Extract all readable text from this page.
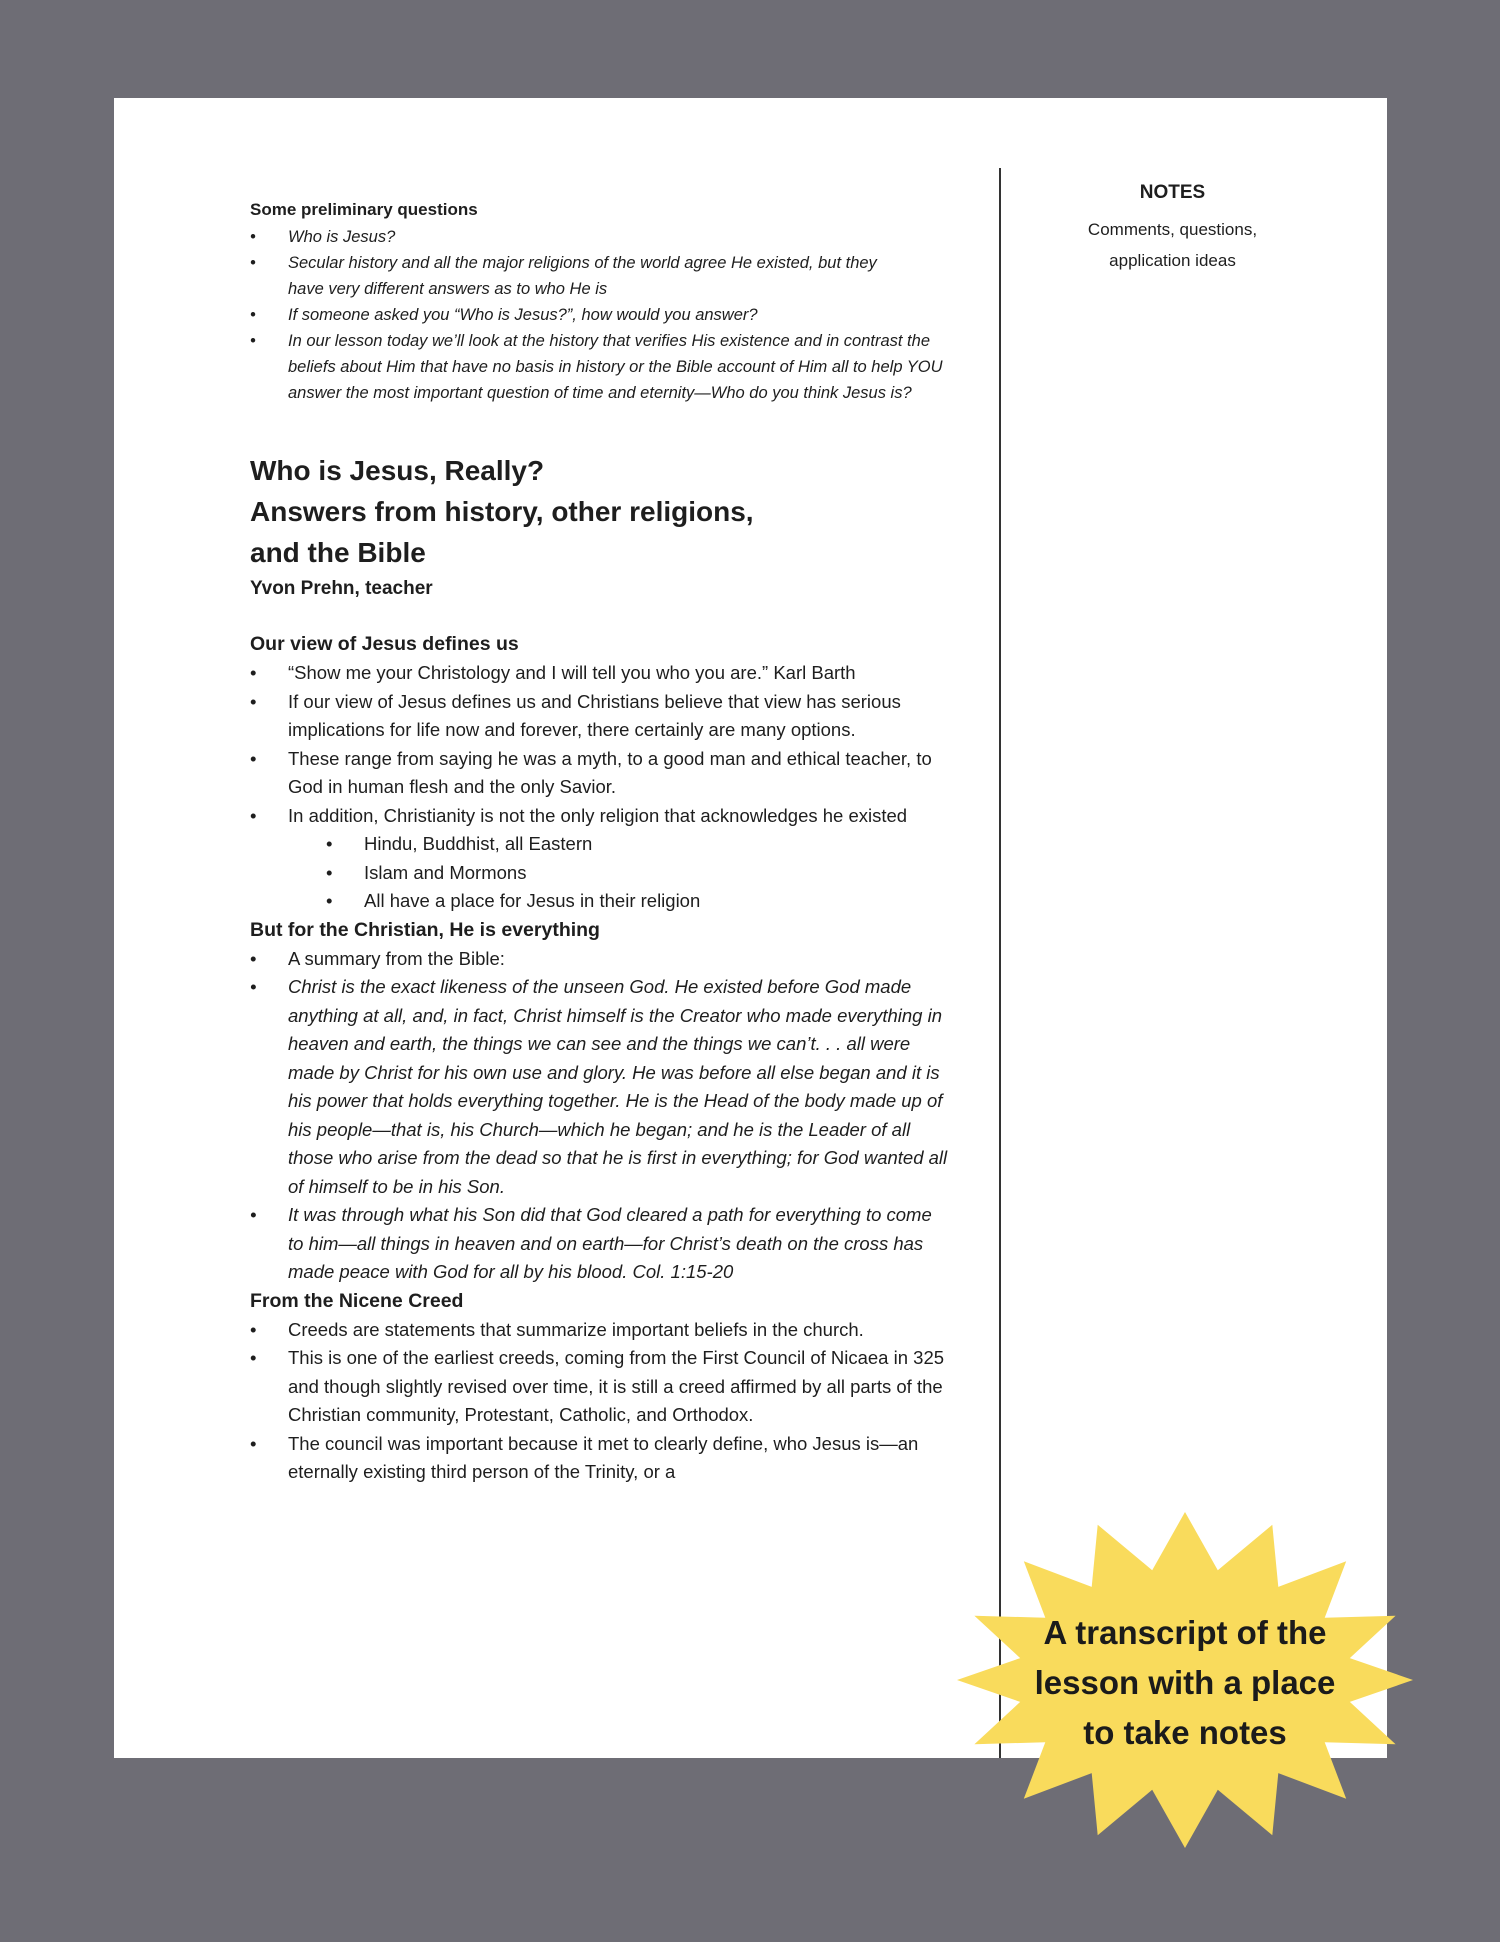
NOTES
Comments, questions,
application ideas
Some preliminary questions
• Who is Jesus?
• Secular history and all the major religions of the world agree He existed, but they have very different answers as to who He is
• If someone asked you “Who is Jesus?”, how would you answer?
• In our lesson today we’ll look at the history that verifies His existence and in contrast the beliefs about Him that have no basis in history or the Bible account of Him all to help YOU answer the most important question of time and eternity—Who do you think Jesus is?
Who is Jesus, Really?
Answers from history, other religions,
and the Bible
Yvon Prehn, teacher
Our view of Jesus defines us
• “Show me your Christology and I will tell you who you are.” Karl Barth
• If our view of Jesus defines us and Christians believe that view has serious implications for life now and forever, there certainly are many options.
• These range from saying he was a myth, to a good man and ethical teacher, to God in human flesh and the only Savior.
• In addition, Christianity is not the only religion that acknowledges he existed
• Hindu, Buddhist, all Eastern
• Islam and Mormons
• All have a place for Jesus in their religion
But for the Christian, He is everything
• A summary from the Bible:
• Christ is the exact likeness of the unseen God. He existed before God made anything at all, and, in fact, Christ himself is the Creator who made everything in heaven and earth, the things we can see and the things we can’t. . . all were made by Christ for his own use and glory. He was before all else began and it is his power that holds everything together. He is the Head of the body made up of his people—that is, his Church—which he began; and he is the Leader of all those who arise from the dead so that he is first in everything; for God wanted all of himself to be in his Son.
• It was through what his Son did that God cleared a path for everything to come to him—all things in heaven and on earth—for Christ’s death on the cross has made peace with God for all by his blood. Col. 1:15-20
From the Nicene Creed
• Creeds are statements that summarize important beliefs in the church.
• This is one of the earliest creeds, coming from the First Council of Nicaea in 325 and though slightly revised over time, it is still a creed affirmed by all parts of the Christian community, Protestant, Catholic, and Orthodox.
• The council was important because it met to clearly define, who Jesus is—an eternally existing third person of the Trinity, or a
A transcript of the
lesson with a place
to take notes
